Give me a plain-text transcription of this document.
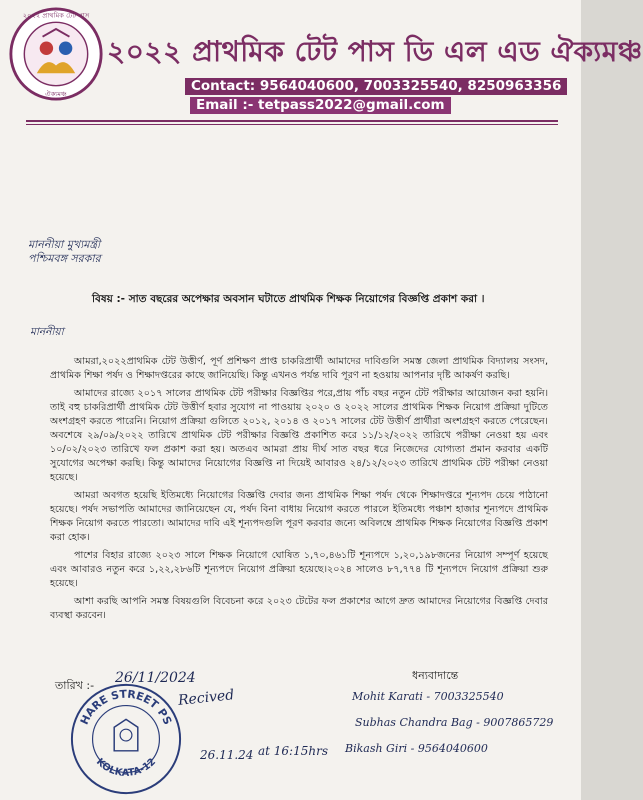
২০২২ প্রাথমিক টেট পাস
ঐক্যমঞ্চ
২০২২ প্রাথমিক টেট পাস ডি এল এড ঐক্যমঞ্চ
Contact: 9564040600, 7003325540, 8250963356
Email :- tetpass2022@gmail.com
মাননীয়া মুখ্যমন্ত্রী
পশ্চিমবঙ্গ সরকার
বিষয় :- সাত বছরের অপেক্ষার অবসান ঘটাতে প্রাথমিক শিক্ষক নিয়োগের বিজ্ঞপ্তি প্রকাশ করা ।
মাননীয়া

আমরা,২০২২প্রাথমিক টেট উত্তীর্ণ, পূর্ণ প্রশিক্ষণ প্রাপ্ত চাকরিপ্রার্থী আমাদের দাবিগুলি সমস্ত জেলা প্রাথমিক বিদ্যালয় সংসদ, প্রাথমিক শিক্ষা পর্ষদ ও শিক্ষাদপ্তরের কাছে জানিয়েছি। কিন্তু এখনও পর্যন্ত দাবি পূরণ না হওয়ায় আপনার দৃষ্টি আকর্ষণ করছি।

আমাদের রাজ্যে ২০১৭ সালের প্রাথমিক টেট পরীক্ষার বিজ্ঞপ্তির পরে,প্রায় পাঁচ বছর নতুন টেট পরীক্ষার আয়োজন করা হয়নি। তাই বহু চাকরিপ্রার্থী প্রাথমিক টেট উত্তীর্ণ হবার সুযোগ না পাওয়ায় ২০২০ ও ২০২২ সালের প্রাথমিক শিক্ষক নিয়োগ প্রক্রিয়া দুটিতে অংশগ্রহণ করতে পারেনি। নিয়োগ প্রক্রিয়া গুলিতে ২০১২, ২০১৪ ও ২০১৭ সালের টেট উত্তীর্ণ প্রার্থীরা অংশগ্রহণ করতে পেরেছেন। অবশেষে ২৯/০৯/২০২২ তারিখে প্রাথমিক টেট পরীক্ষার বিজ্ঞপ্তি প্রকাশিত করে ১১/১২/২০২২ তারিখে পরীক্ষা নেওয়া হয় এবং ১০/০২/২০২৩ তারিখে ফল প্রকাশ করা হয়। অতএব আমরা প্রায় দীর্ঘ সাত বছর ধরে নিজেদের যোগ্যতা প্রমান করবার একটি সুযোগের অপেক্ষা করছি। কিন্তু আমাদের নিয়োগের বিজ্ঞপ্তি না দিয়েই আবারও ২৪/১২/২০২৩ তারিখে প্রাথমিক টেট পরীক্ষা নেওয়া হয়েছে।

আমরা অবগত হয়েছি ইতিমধ্যে নিয়োগের বিজ্ঞপ্তি দেবার জন্য প্রাথমিক শিক্ষা পর্ষদ থেকে শিক্ষাদপ্তরে শূন্যপদ চেয়ে পাঠানো হয়েছে। পর্ষদ সভাপতি আমাদের জানিয়েছেন যে, পর্ষদ বিনা বাধায় নিয়োগ করতে পারলে ইতিমধ্যে পঞ্চাশ হাজার শূন্যপদে প্রাথমিক শিক্ষক নিয়োগ করতে পারতো। আমাদের দাবি এই শূন্যপদগুলি পূরণ করবার জন্যে অবিলম্বে প্রাথমিক শিক্ষক নিয়োগের বিজ্ঞপ্তি প্রকাশ করা হোক।

পাশের বিহার রাজ্যে ২০২৩ সালে শিক্ষক নিয়োগে ঘোষিত ১,৭০,৪৬১টি শূন্যপদে ১,২০,১৯৮জনের নিয়োগ সম্পূর্ণ হয়েছে এবং আবারও নতুন করে ১,২২,২৮৬টি শূন্যপদে নিয়োগ প্রক্রিয়া হয়েছে।২০২৪ সালেও ৮৭,৭৭৪ টি শূন্যপদে নিয়োগ প্রক্রিয়া শুরু হয়েছে।

আশা করছি আপনি সমস্ত বিষয়গুলি বিবেচনা করে ২০২৩ টেটের ফল প্রকাশের আগে দ্রুত আমাদের নিয়োগের বিজ্ঞপ্তি দেবার ব্যবস্থা করবেন।

তারিখ :- 26/11/2024	ধন্যবাদান্তে
Mohit Karati - 7003325540
Subhas Chandra Bag - 9007865729
Bikash Giri - 9564040600
HARE STREET PS
KOLKATA-12
Recived
26.11.24 at 16:15hrs
